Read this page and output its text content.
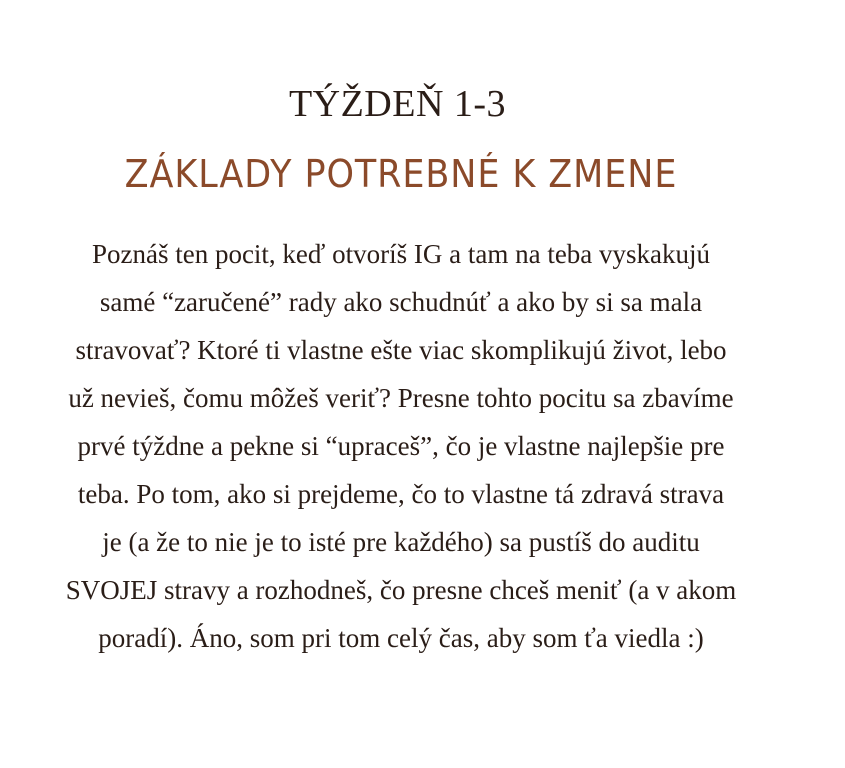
TÝŽDEŇ 1-3
ZÁKLADY POTREBNÉ K ZMENE

Poznáš ten pocit, keď otvoríš IG a tam na teba vyskakujú
samé “zaručené” rady ako schudnúť a ako by si sa mala
stravovať? Ktoré ti vlastne ešte viac skomplikujú život, lebo
už nevieš, čomu môžeš veriť? Presne tohto pocitu sa zbavíme
prvé týždne a pekne si “upraceš”, čo je vlastne najlepšie pre
teba. Po tom, ako si prejdeme, čo to vlastne tá zdravá strava
je (a že to nie je to isté pre každého) sa pustíš do auditu
SVOJEJ stravy a rozhodneš, čo presne chceš meniť (a v akom
poradí). Áno, som pri tom celý čas, aby som ťa viedla :)
